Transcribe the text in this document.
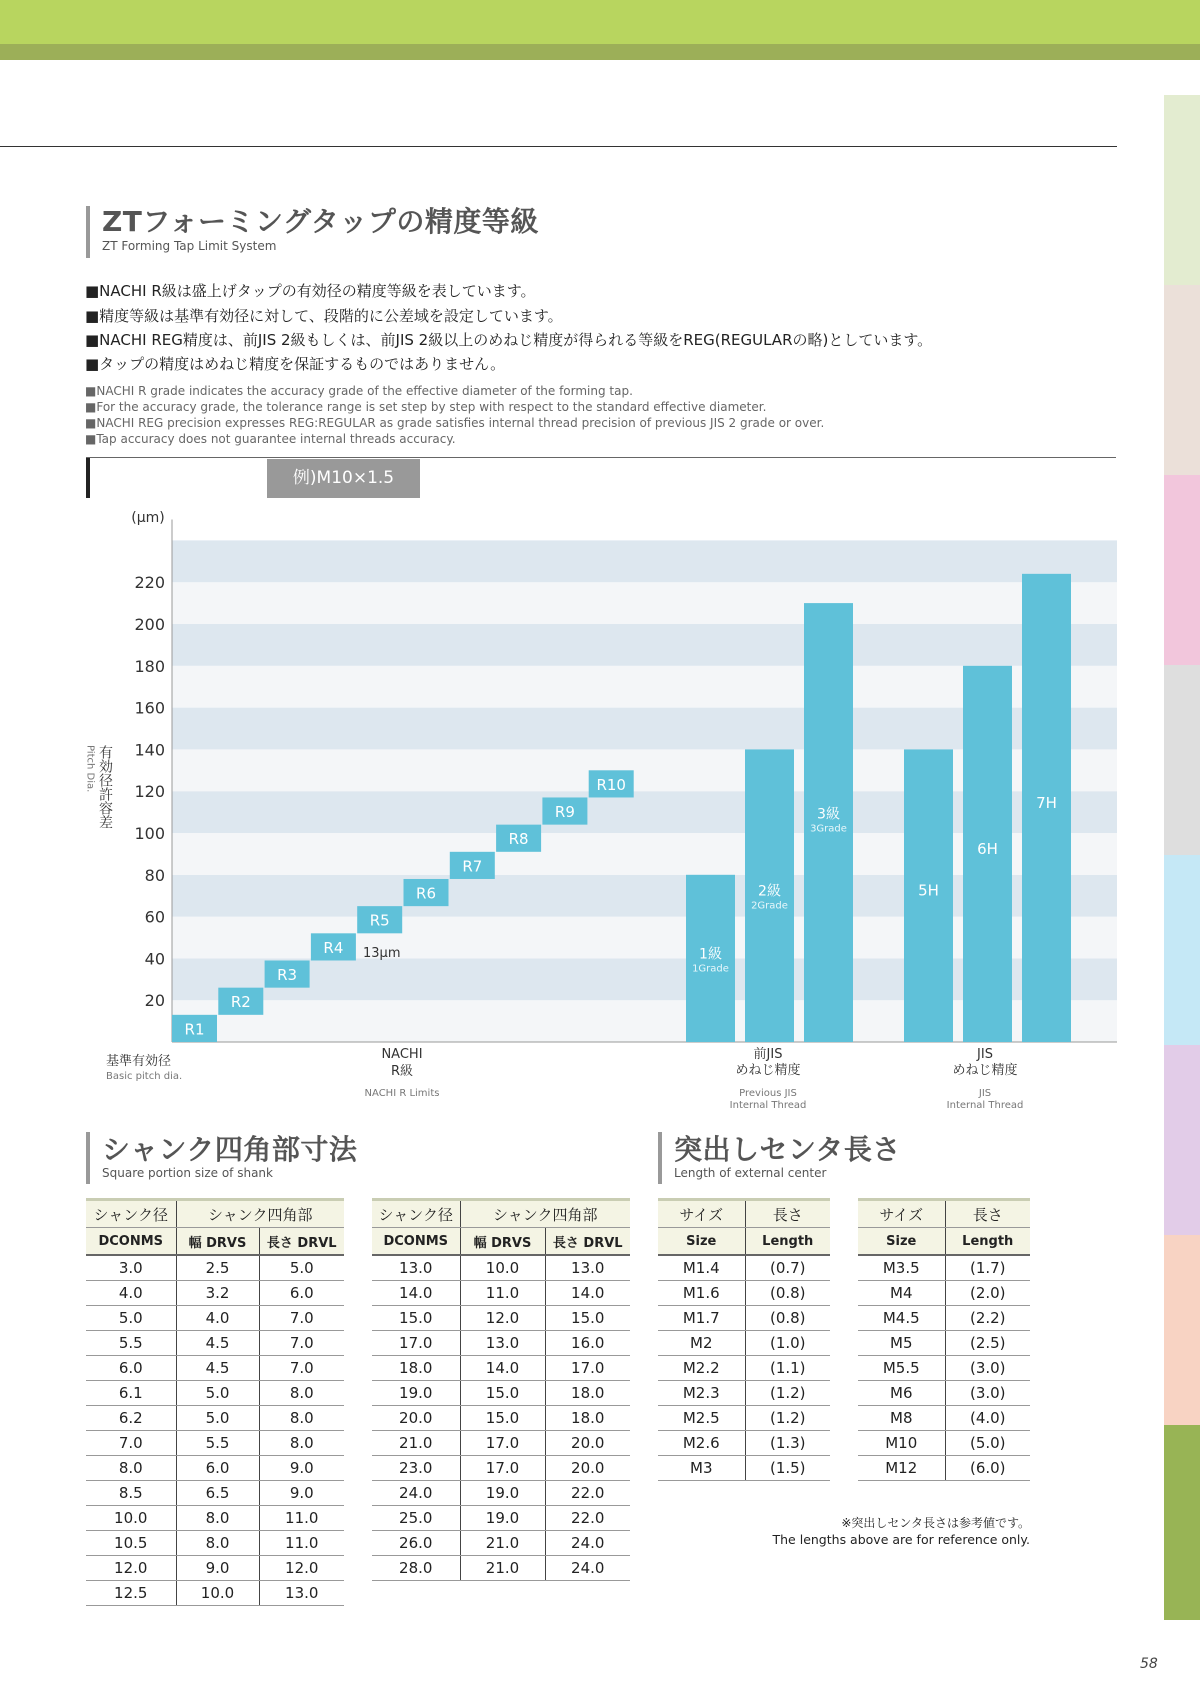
ZTフォーミングタップの精度等級
ZT Forming Tap Limit System
■NACHI R級は盛上げタップの有効径の精度等級を表しています。
■精度等級は基準有効径に対して、段階的に公差域を設定しています。
■NACHI REG精度は、前JIS 2級もしくは、前JIS 2級以上のめねじ精度が得られる等級をREG(REGULARの略)としています。
■タップの精度はめねじ精度を保証するものではありません。
■NACHI R grade indicates the accuracy grade of the effective diameter of the forming tap.
■For the accuracy grade, the tolerance range is set step by step with respect to the standard effective diameter.
■NACHI REG precision expresses REG:REGULAR as grade satisfies internal thread precision of previous JIS 2 grade or over.
■Tap accuracy does not guarantee internal threads accuracy.
例)M10×1.5
20
40
60
80
100
120
140
160
180
200
220
(μm)
有効径許容差
Pitch Dia.
R1
R2
R3
R4
R5
R6
R7
R8
R9
R10
13μm	1級
1Grade
2級
2Grade
3級
3Grade
5H
6H
7H
基準有効径
Basic pitch dia.
NACHI
R級
NACHI R Limits
前JIS
めねじ精度
Previous JIS
Internal Thread
JIS
めねじ精度
JIS
Internal Thread
シャンク四角部寸法
Square portion size of shank
シャンク径	シャンク四角部	
DCONMS	幅 DRVS	長さ DRVL
3.0	2.5	5.0
4.0	3.2	6.0
5.0	4.0	7.0
5.5	4.5	7.0
6.0	4.5	7.0
6.1	5.0	8.0
6.2	5.0	8.0
7.0	5.5	8.0
8.0	6.0	9.0
8.5	6.5	9.0
10.0	8.0	11.0
10.5	8.0	11.0
12.0	9.0	12.0
12.5	10.0	13.0
シャンク径	シャンク四角部	
DCONMS	幅 DRVS	長さ DRVL
13.0	10.0	13.0
14.0	11.0	14.0
15.0	12.0	15.0
17.0	13.0	16.0
18.0	14.0	17.0
19.0	15.0	18.0
20.0	15.0	18.0
21.0	17.0	20.0
23.0	17.0	20.0
24.0	19.0	22.0
25.0	19.0	22.0
26.0	21.0	24.0
28.0	21.0	24.0
突出しセンタ長さ
Length of external center
サイズ	長さ
Size	Length
M1.4	(0.7)
M1.6	(0.8)
M1.7	(0.8)
M2	(1.0)
M2.2	(1.1)
M2.3	(1.2)
M2.5	(1.2)
M2.6	(1.3)
M3	(1.5)
サイズ	長さ
Size	Length
M3.5	(1.7)
M4	(2.0)
M4.5	(2.2)
M5	(2.5)
M5.5	(3.0)
M6	(3.0)
M8	(4.0)
M10	(5.0)
M12	(6.0)
※突出しセンタ長さは参考値です。
The lengths above are for reference only.
58
